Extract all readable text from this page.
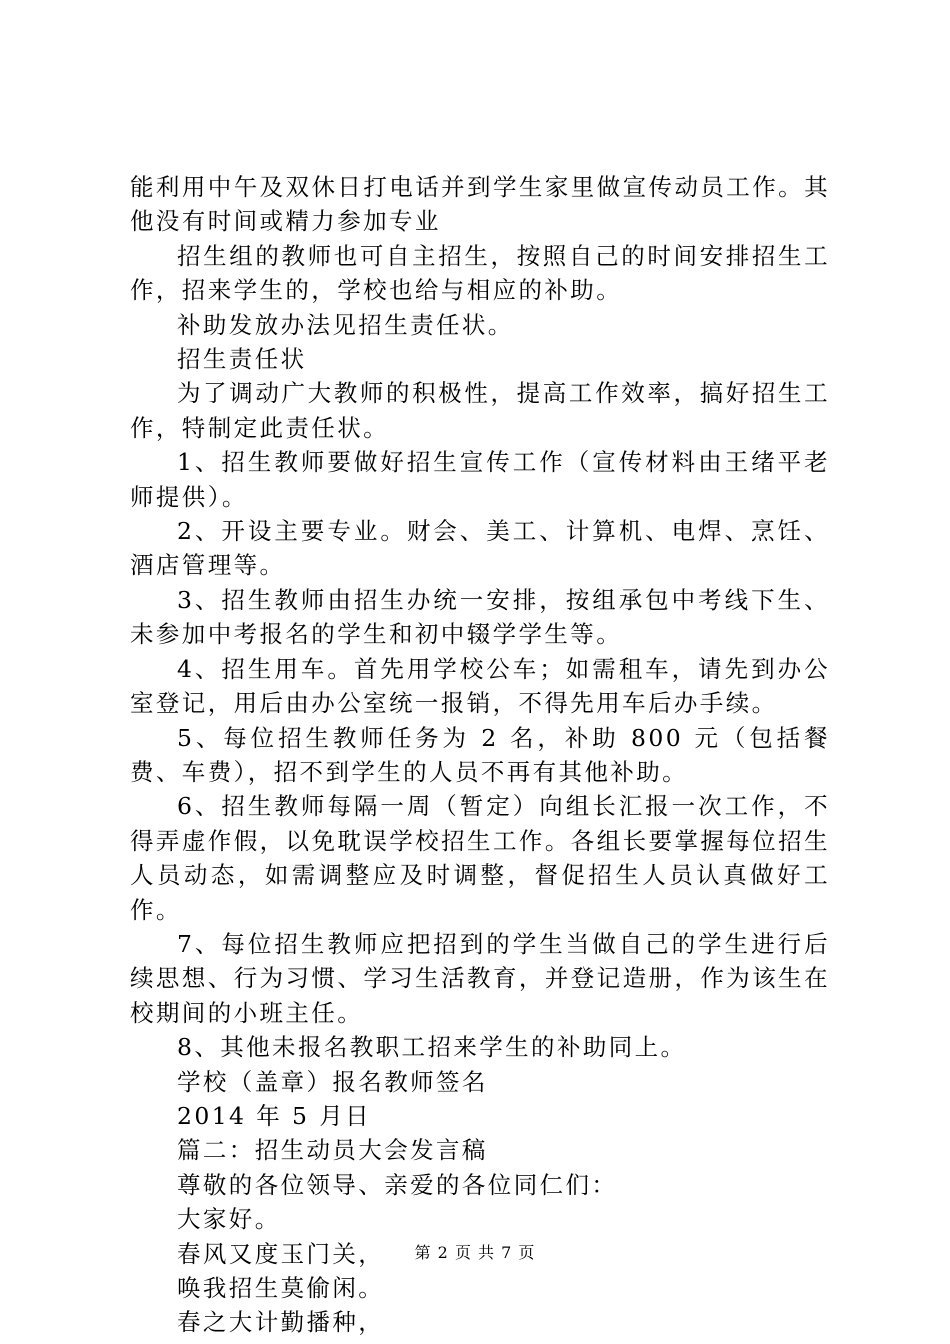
能利用中午及双休日打电话并到学生家里做宣传动员工作。其他没有时间或精力参加专业

招生组的教师也可自主招生，按照自己的时间安排招生工作，招来学生的，学校也给与相应的补助。

补助发放办法见招生责任状。

招生责任状

为了调动广大教师的积极性，提高工作效率，搞好招生工作，特制定此责任状。

1、招生教师要做好招生宣传工作（宣传材料由王绪平老师提供）。

2、开设主要专业。财会、美工、计算机、电焊、烹饪、酒店管理等。

3、招生教师由招生办统一安排，按组承包中考线下生、未参加中考报名的学生和初中辍学学生等。

4、招生用车。首先用学校公车；如需租车，请先到办公室登记，用后由办公室统一报销，不得先用车后办手续。

5、每位招生教师任务为 2 名，补助 800 元（包括餐费、车费），招不到学生的人员不再有其他补助。

6、招生教师每隔一周（暂定）向组长汇报一次工作，不得弄虚作假，以免耽误学校招生工作。各组长要掌握每位招生人员动态，如需调整应及时调整，督促招生人员认真做好工作。

7、每位招生教师应把招到的学生当做自己的学生进行后续思想、行为习惯、学习生活教育，并登记造册，作为该生在校期间的小班主任。

8、其他未报名教职工招来学生的补助同上。

学校（盖章）报名教师签名

2014 年 5 月日

篇二：招生动员大会发言稿

尊敬的各位领导、亲爱的各位同仁们：

大家好。

春风又度玉门关，

唤我招生莫偷闲。

春之大计勤播种，

第 2 页 共 7 页
